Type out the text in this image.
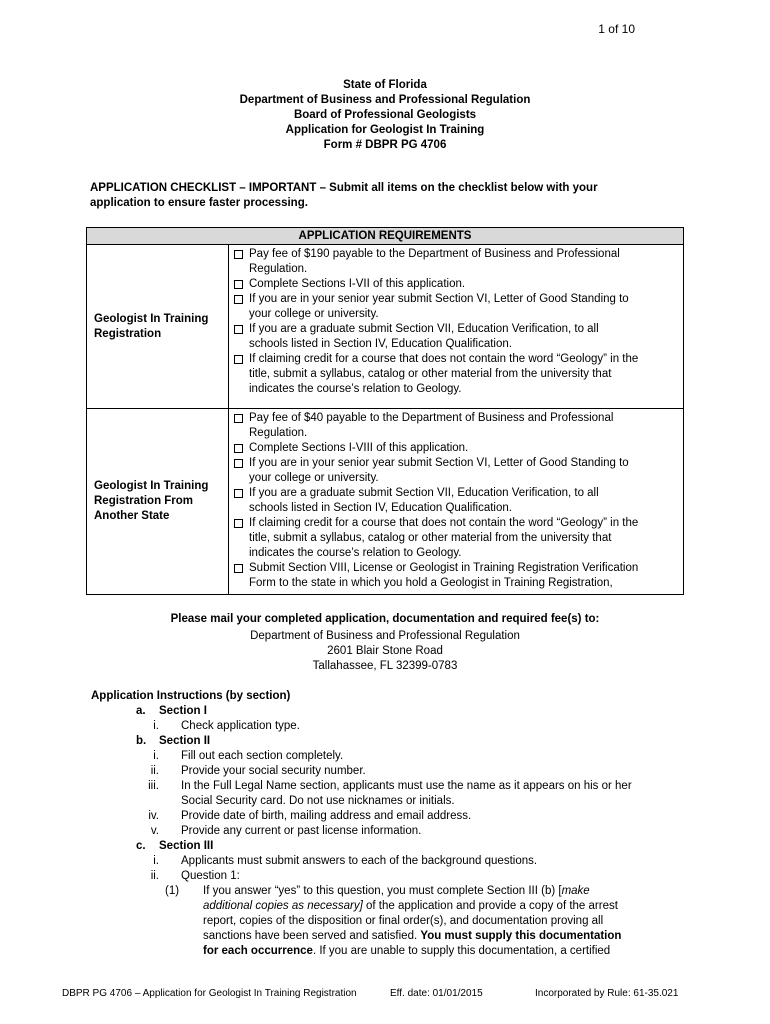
1 of 10
State of Florida
Department of Business and Professional Regulation
Board of Professional Geologists
Application for Geologist In Training
Form # DBPR PG 4706
APPLICATION CHECKLIST – IMPORTANT – Submit all items on the checklist below with your
application to ensure faster processing.
APPLICATION REQUIREMENTS
Geologist In Training
Registration
Pay fee of $190 payable to the Department of Business and Professional
Regulation.
Complete Sections I-VII of this application.
If you are in your senior year submit Section VI, Letter of Good Standing to
your college or university.
If you are a graduate submit Section VII, Education Verification, to all
schools listed in Section IV, Education Qualification.
If claiming credit for a course that does not contain the word “Geology” in the
title, submit a syllabus, catalog or other material from the university that
indicates the course’s relation to Geology.
Geologist In Training
Registration From
Another State
Pay fee of $40 payable to the Department of Business and Professional
Regulation.
Complete Sections I-VIII of this application.
If you are in your senior year submit Section VI, Letter of Good Standing to
your college or university.
If you are a graduate submit Section VII, Education Verification, to all
schools listed in Section IV, Education Qualification.
If claiming credit for a course that does not contain the word “Geology” in the
title, submit a syllabus, catalog or other material from the university that
indicates the course’s relation to Geology.
Submit Section VIII, License or Geologist in Training Registration Verification
Form to the state in which you hold a Geologist in Training Registration,
Please mail your completed application, documentation and required fee(s) to:
Department of Business and Professional Regulation
2601 Blair Stone Road
Tallahassee, FL 32399-0783
Application Instructions (by section)
a. Section I
i. Check application type.
b. Section II
i. Fill out each section completely.
ii. Provide your social security number.
iii. In the Full Legal Name section, applicants must use the name as it appears on his or her
Social Security card. Do not use nicknames or initials.
iv. Provide date of birth, mailing address and email address.
v. Provide any current or past license information.
c. Section III
i. Applicants must submit answers to each of the background questions.
ii. Question 1:
(1) If you answer “yes” to this question, you must complete Section III (b) [make
additional copies as necessary] of the application and provide a copy of the arrest
report, copies of the disposition or final order(s), and documentation proving all
sanctions have been served and satisfied. You must supply this documentation
for each occurrence. If you are unable to supply this documentation, a certified
DBPR PG 4706 – Application for Geologist In Training Registration	Eff. date: 01/01/2015	Incorporated by Rule: 61-35.021
